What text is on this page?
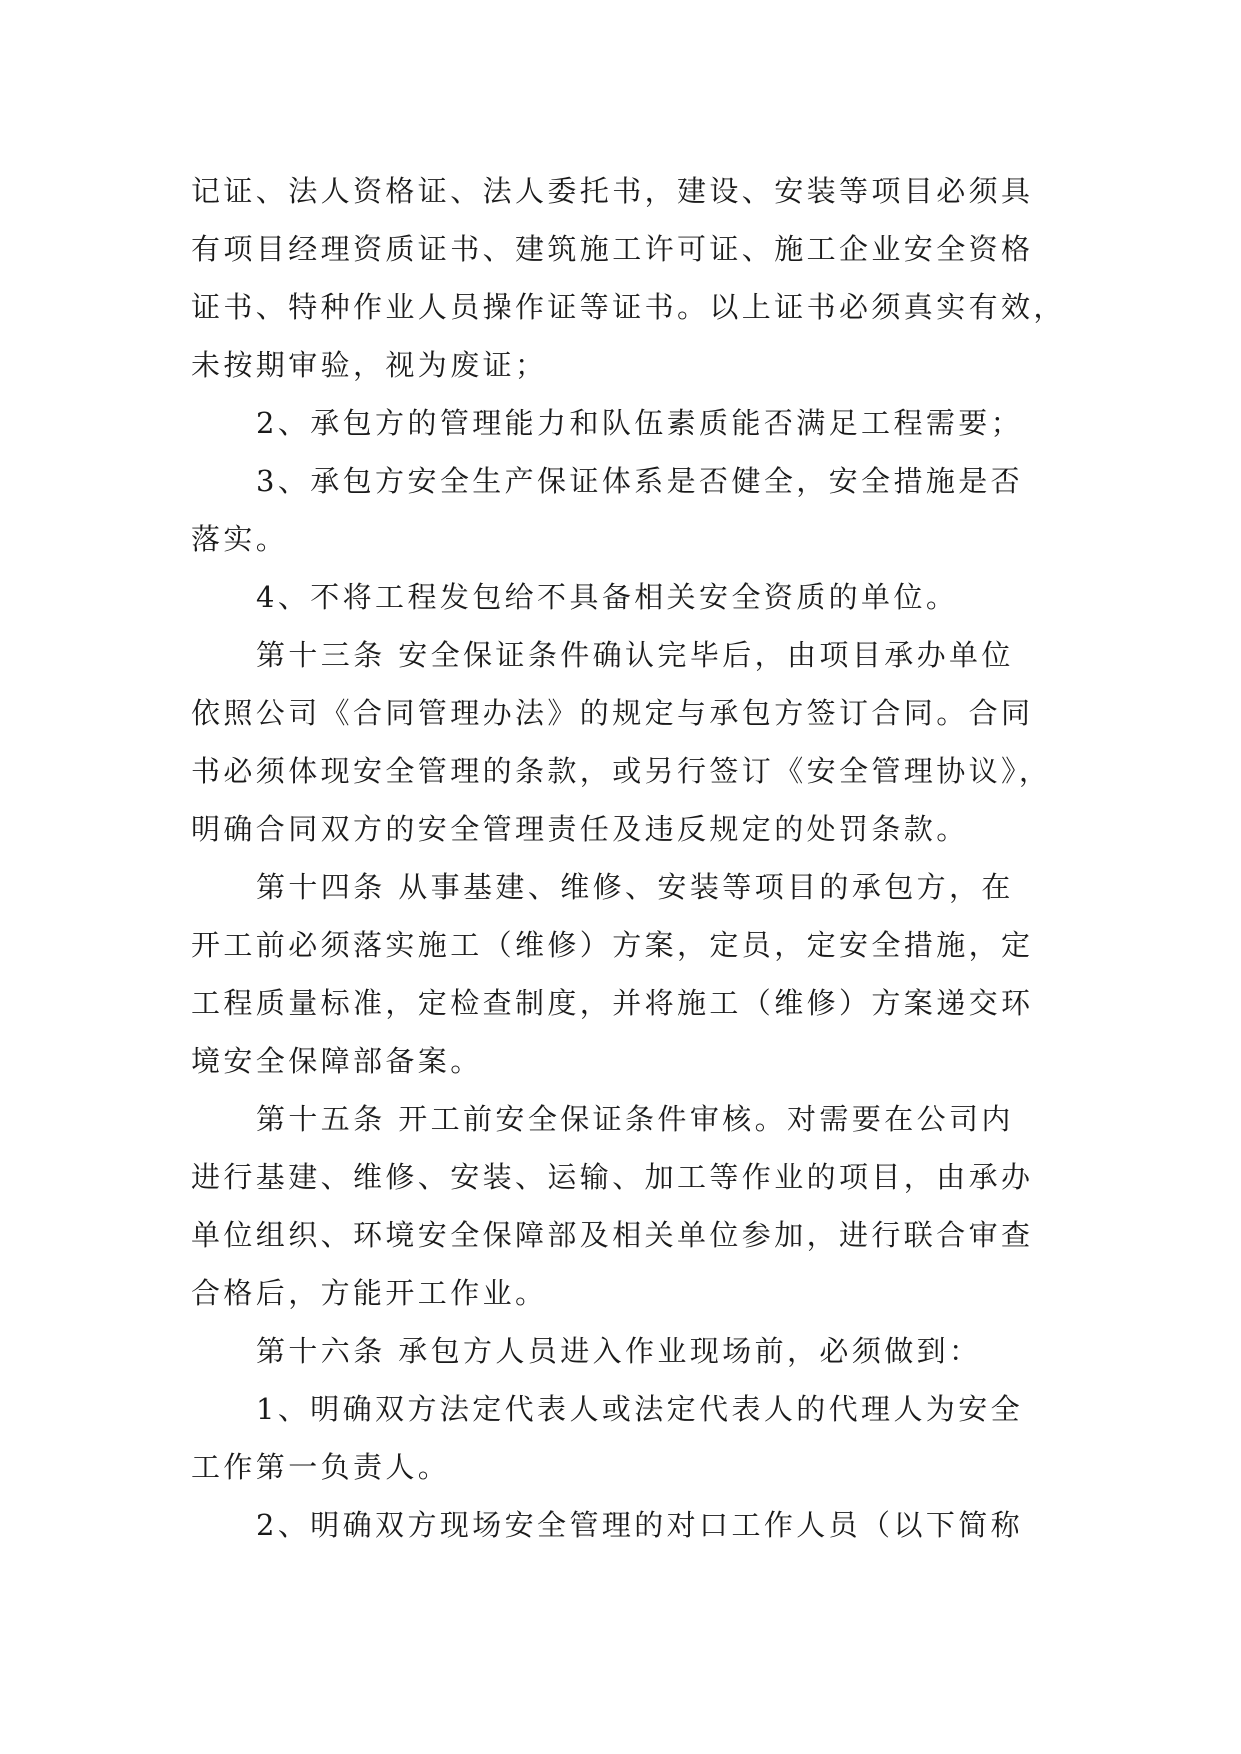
记证、法人资格证、法人委托书，建设、安装等项目必须具
有项目经理资质证书、建筑施工许可证、施工企业安全资格
证书、特种作业人员操作证等证书。以上证书必须真实有效，
未按期审验，视为废证；
2、承包方的管理能力和队伍素质能否满足工程需要；
3、承包方安全生产保证体系是否健全，安全措施是否
落实。
4、不将工程发包给不具备相关安全资质的单位。
第十三条 安全保证条件确认完毕后，由项目承办单位
依照公司《合同管理办法》的规定与承包方签订合同。合同
书必须体现安全管理的条款，或另行签订《安全管理协议》，
明确合同双方的安全管理责任及违反规定的处罚条款。
第十四条 从事基建、维修、安装等项目的承包方，在
开工前必须落实施工（维修）方案，定员，定安全措施，定
工程质量标准，定检查制度，并将施工（维修）方案递交环
境安全保障部备案。
第十五条 开工前安全保证条件审核。对需要在公司内
进行基建、维修、安装、运输、加工等作业的项目，由承办
单位组织、环境安全保障部及相关单位参加，进行联合审查
合格后，方能开工作业。
第十六条 承包方人员进入作业现场前，必须做到：
1、明确双方法定代表人或法定代表人的代理人为安全
工作第一负责人。
2、明确双方现场安全管理的对口工作人员（以下简称
